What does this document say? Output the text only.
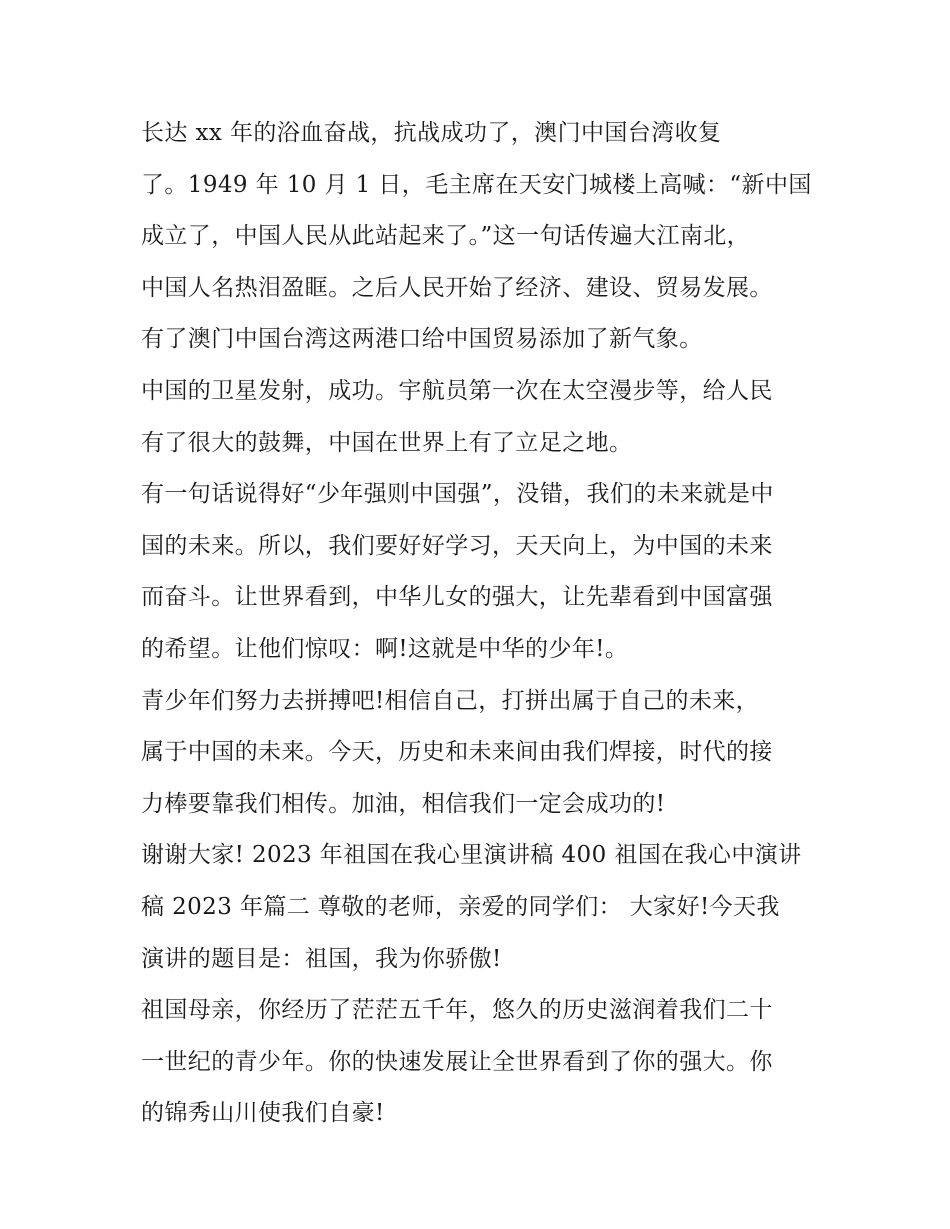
长达 xx 年的浴血奋战，抗战成功了，澳门中国台湾收复
了。1949 年 10 月 1 日，毛主席在天安门城楼上高喊：“新中国
成立了，中国人民从此站起来了。”这一句话传遍大江南北，
中国人名热泪盈眶。之后人民开始了经济、建设、贸易发展。
有了澳门中国台湾这两港口给中国贸易添加了新气象。
中国的卫星发射，成功。宇航员第一次在太空漫步等，给人民
有了很大的鼓舞，中国在世界上有了立足之地。
有一句话说得好“少年强则中国强”，没错，我们的未来就是中
国的未来。所以，我们要好好学习，天天向上，为中国的未来
而奋斗。让世界看到，中华儿女的强大，让先辈看到中国富强
的希望。让他们惊叹：啊!这就是中华的少年!。
青少年们努力去拼搏吧!相信自己，打拼出属于自己的未来，
属于中国的未来。今天，历史和未来间由我们焊接，时代的接
力棒要靠我们相传。加油，相信我们一定会成功的!
谢谢大家! 2023 年祖国在我心里演讲稿 400 祖国在我心中演讲
稿 2023 年篇二 尊敬的老师，亲爱的同学们： 大家好!今天我
演讲的题目是：祖国，我为你骄傲!
祖国母亲，你经历了茫茫五千年，悠久的历史滋润着我们二十
一世纪的青少年。你的快速发展让全世界看到了你的强大。你
的锦秀山川使我们自豪!
